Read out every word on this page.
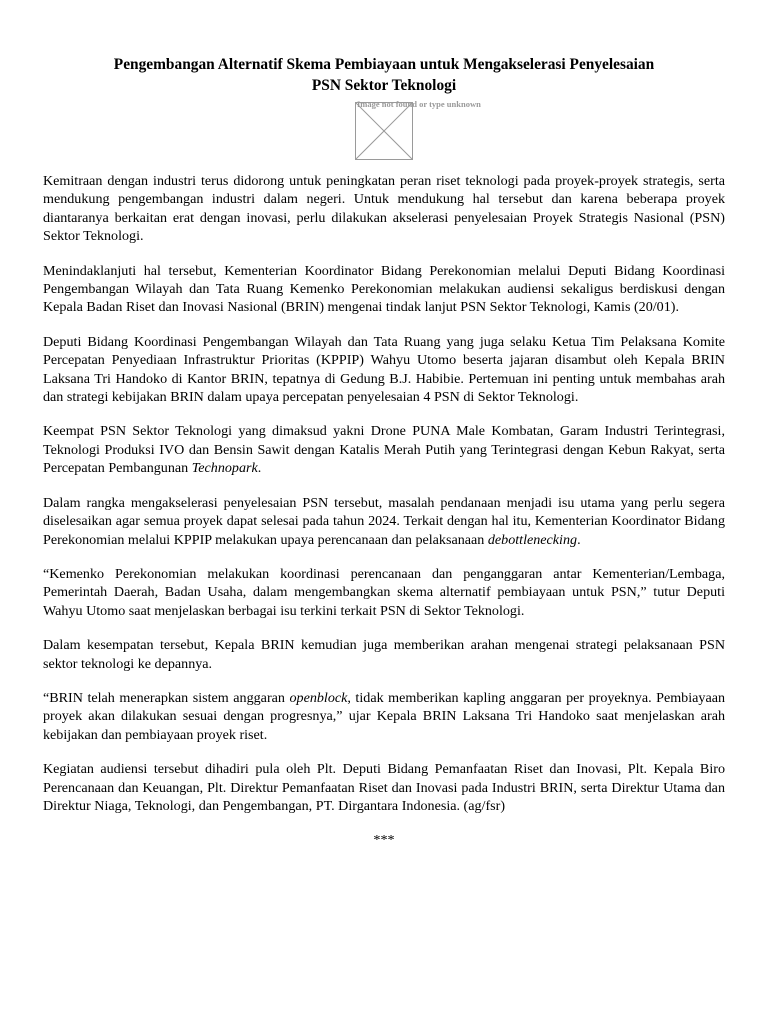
Pengembangan Alternatif Skema Pembiayaan untuk Mengakselerasi Penyelesaian
PSN Sektor Teknologi
Image not found or type unknown

Kemitraan dengan industri terus didorong untuk peningkatan peran riset teknologi pada proyek-proyek strategis, serta mendukung pengembangan industri dalam negeri. Untuk mendukung hal tersebut dan karena beberapa proyek diantaranya berkaitan erat dengan inovasi, perlu dilakukan akselerasi penyelesaian Proyek Strategis Nasional (PSN) Sektor Teknologi.

Menindaklanjuti hal tersebut, Kementerian Koordinator Bidang Perekonomian melalui Deputi Bidang Koordinasi Pengembangan Wilayah dan Tata Ruang Kemenko Perekonomian melakukan audiensi sekaligus berdiskusi dengan Kepala Badan Riset dan Inovasi Nasional (BRIN) mengenai tindak lanjut PSN Sektor Teknologi, Kamis (20/01).

Deputi Bidang Koordinasi Pengembangan Wilayah dan Tata Ruang yang juga selaku Ketua Tim Pelaksana Komite Percepatan Penyediaan Infrastruktur Prioritas (KPPIP) Wahyu Utomo beserta jajaran disambut oleh Kepala BRIN Laksana Tri Handoko di Kantor BRIN, tepatnya di Gedung B.J. Habibie. Pertemuan ini penting untuk membahas arah dan strategi kebijakan BRIN dalam upaya percepatan penyelesaian 4 PSN di Sektor Teknologi.

Keempat PSN Sektor Teknologi yang dimaksud yakni Drone PUNA Male Kombatan, Garam Industri Terintegrasi, Teknologi Produksi IVO dan Bensin Sawit dengan Katalis Merah Putih yang Terintegrasi dengan Kebun Rakyat, serta Percepatan Pembangunan Technopark.

Dalam rangka mengakselerasi penyelesaian PSN tersebut, masalah pendanaan menjadi isu utama yang perlu segera diselesaikan agar semua proyek dapat selesai pada tahun 2024. Terkait dengan hal itu, Kementerian Koordinator Bidang Perekonomian melalui KPPIP melakukan upaya perencanaan dan pelaksanaan debottlenecking.

“Kemenko Perekonomian melakukan koordinasi perencanaan dan penganggaran antar Kementerian/Lembaga, Pemerintah Daerah, Badan Usaha, dalam mengembangkan skema alternatif pembiayaan untuk PSN,” tutur Deputi Wahyu Utomo saat menjelaskan berbagai isu terkini terkait PSN di Sektor Teknologi.

Dalam kesempatan tersebut, Kepala BRIN kemudian juga memberikan arahan mengenai strategi pelaksanaan PSN sektor teknologi ke depannya.

“BRIN telah menerapkan sistem anggaran openblock, tidak memberikan kapling anggaran per proyeknya. Pembiayaan proyek akan dilakukan sesuai dengan progresnya,” ujar Kepala BRIN Laksana Tri Handoko saat menjelaskan arah kebijakan dan pembiayaan proyek riset.

Kegiatan audiensi tersebut dihadiri pula oleh Plt. Deputi Bidang Pemanfaatan Riset dan Inovasi, Plt. Kepala Biro Perencanaan dan Keuangan, Plt. Direktur Pemanfaatan Riset dan Inovasi pada Industri BRIN, serta Direktur Utama dan Direktur Niaga, Teknologi, dan Pengembangan, PT. Dirgantara Indonesia. (ag/fsr)

***
